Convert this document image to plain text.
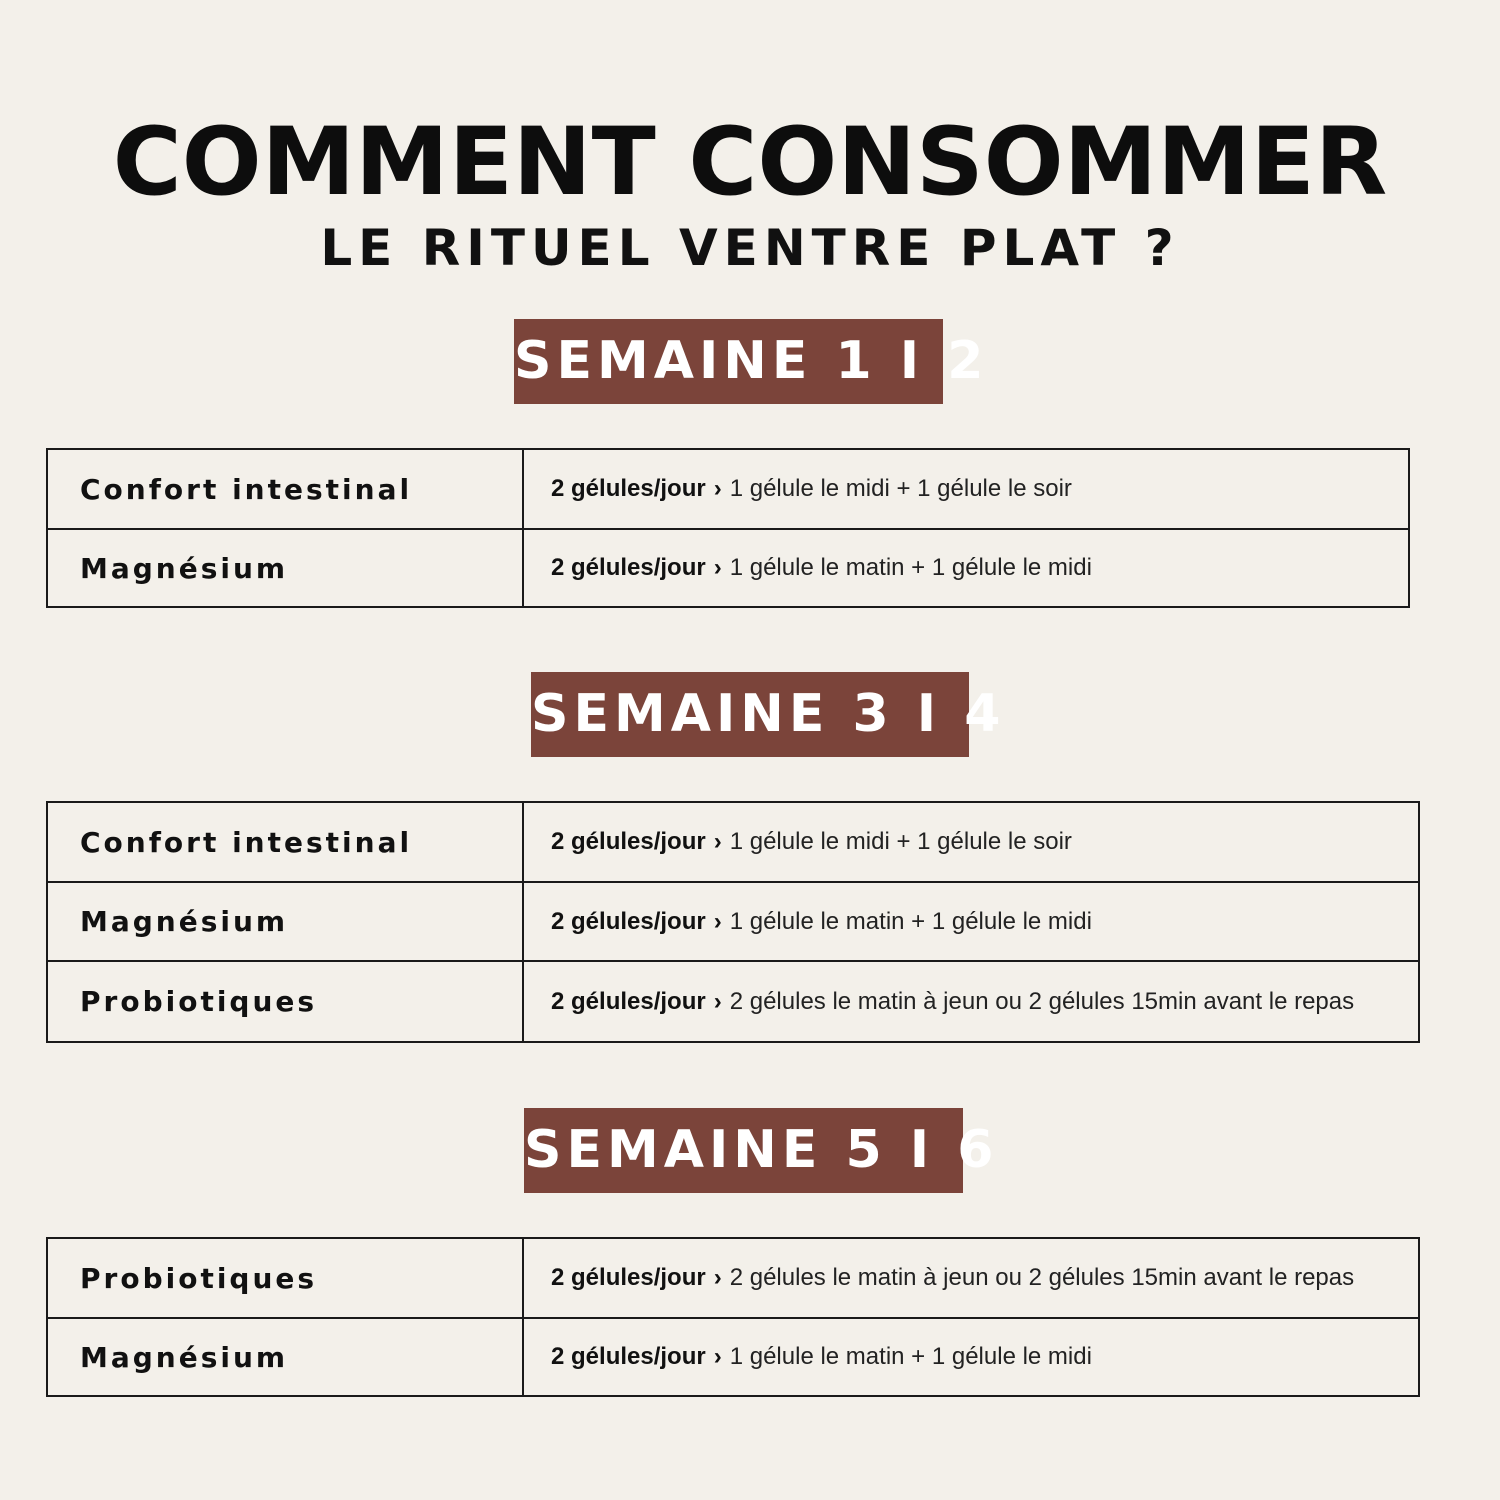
COMMENT CONSOMMER
LE RITUEL VENTRE PLAT ?
SEMAINE 1 I 2
Confort intestinal	2 gélules/jour › 1 gélule le midi + 1 gélule le soir
Magnésium	2 gélules/jour › 1 gélule le matin + 1 gélule le midi
SEMAINE 3 I 4
Confort intestinal	2 gélules/jour › 1 gélule le midi + 1 gélule le soir
Magnésium	2 gélules/jour › 1 gélule le matin + 1 gélule le midi
Probiotiques	2 gélules/jour › 2 gélules le matin à jeun ou 2 gélules 15min avant le repas
SEMAINE 5 I 6
Probiotiques	2 gélules/jour › 2 gélules le matin à jeun ou 2 gélules 15min avant le repas
Magnésium	2 gélules/jour › 1 gélule le matin + 1 gélule le midi
